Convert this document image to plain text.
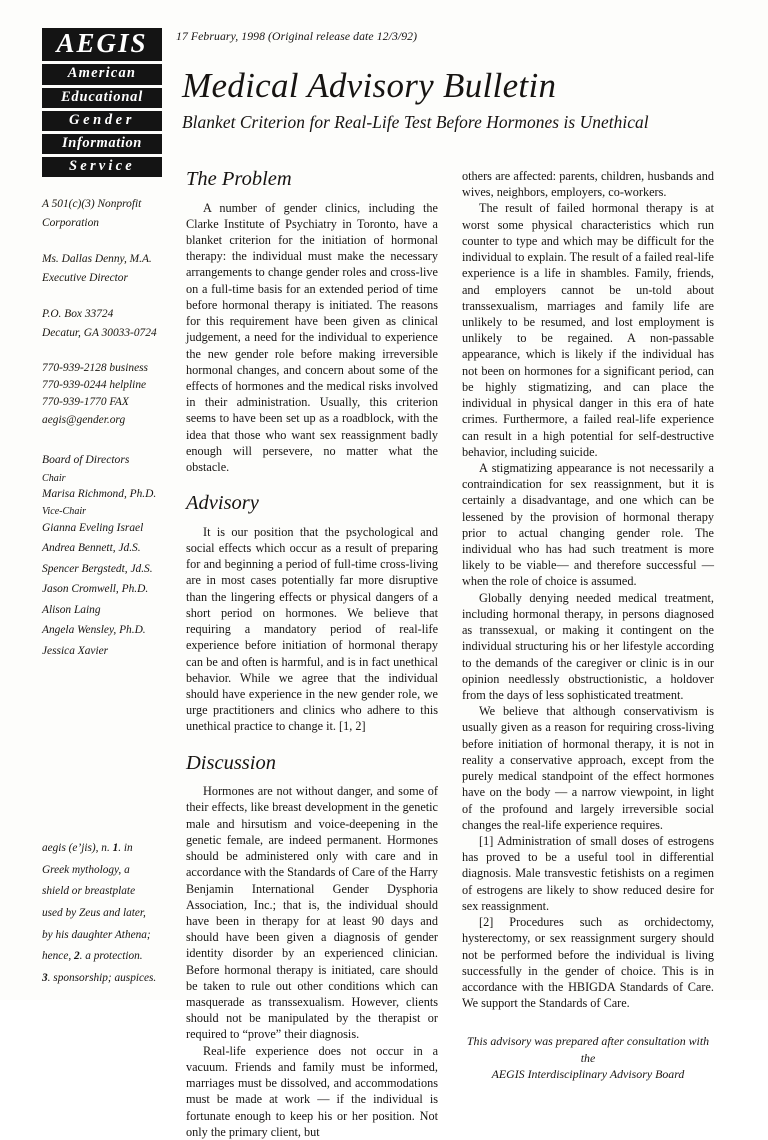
AEGIS
American
Educational
Gender
Information
Service
A 501(c)(3) Nonprofit
Corporation
Ms. Dallas Denny, M.A.
Executive Director
P.O. Box 33724
Decatur, GA 30033-0724
770-939-2128 business
770-939-0244 helpline
770-939-1770 FAX
aegis@gender.org
Board of Directors
Chair
Marisa Richmond, Ph.D.
Vice-Chair
Gianna Eveling Israel
Andrea Bennett, Jd.S.
Spencer Bergstedt, Jd.S.
Jason Cromwell, Ph.D.
Alison Laing
Angela Wensley, Ph.D.
Jessica Xavier
aegis (e’jis), n. 1. in
Greek mythology, a
shield or breastplate
used by Zeus and later,
by his daughter Athena;
hence, 2. a protection.
3. sponsorship; auspices.
17 February, 1998 (Original release date 12/3/92)
Medical Advisory Bulletin
Blanket Criterion for Real-Life Test Before Hormones is Unethical
The Problem

A number of gender clinics, including the Clarke Institute of Psychiatry in Toronto, have a blanket criterion for the initiation of hormonal therapy: the individual must make the necessary arrangements to change gender roles and cross-live on a full-time basis for an extended period of time before hormonal therapy is initiated. The reasons for this requirement have been given as clinical judgement, a need for the individual to experience the new gender role before making irreversible hormonal changes, and concern about some of the effects of hormones and the medical risks involved in their administration. Usually, this criterion seems to have been set up as a roadblock, with the idea that those who want sex reassignment badly enough will persevere, no matter what the obstacle.

Advisory

It is our position that the psychological and social effects which occur as a result of preparing for and beginning a period of full-time cross-living are in most cases potentially far more disruptive than the lingering effects or physical dangers of a short period on hormones. We believe that requiring a mandatory period of real-life experience before initiation of hormonal therapy can be and often is harmful, and is in fact unethical behavior. While we agree that the individual should have experience in the new gender role, we urge practitioners and clinics who adhere to this unethical practice to change it. [1, 2]

Discussion

Hormones are not without danger, and some of their effects, like breast development in the genetic male and hirsutism and voice-deepening in the genetic female, are indeed permanent. Hormones should be administered only with care and in accordance with the Standards of Care of the Harry Benjamin International Gender Dysphoria Association, Inc.; that is, the individual should have been in therapy for at least 90 days and should have been given a diagnosis of gender identity disorder by an experienced clinician. Before hormonal therapy is initiated, care should be taken to rule out other conditions which can masquerade as transsexualism. However, clients should not be manipulated by the therapist or required to “prove” their diagnosis.

Real-life experience does not occur in a vacuum. Friends and family must be informed, marriages must be dissolved, and accommodations must be made at work — if the individual is fortunate enough to keep his or her position. Not only the primary client, but

others are affected: parents, children, husbands and wives, neighbors, employers, co-workers.

The result of failed hormonal therapy is at worst some physical characteristics which run counter to type and which may be difficult for the individual to explain. The result of a failed real-life experience is a life in shambles. Family, friends, and employers cannot be un-told about transsexualism, marriages and family life are unlikely to be resumed, and lost employment is unlikely to be regained. A non-passable appearance, which is likely if the individual has not been on hormones for a significant period, can be highly stigmatizing, and can place the individual in physical danger in this era of hate crimes. Furthermore, a failed real-life experience can result in a high potential for self-destructive behavior, including suicide.

A stigmatizing appearance is not necessarily a contraindication for sex reassignment, but it is certainly a disadvantage, and one which can be lessened by the provision of hormonal therapy prior to actual changing gender role. The individual who has had such treatment is more likely to be viable— and therefore successful — when the role of choice is assumed.

Globally denying needed medical treatment, including hormonal therapy, in persons diagnosed as transsexual, or making it contingent on the individual structuring his or her lifestyle according to the demands of the caregiver or clinic is in our opinion needlessly obstructionistic, a holdover from the days of less sophisticated treatment.

We believe that although conservativism is usually given as a reason for requiring cross-living before initiation of hormonal therapy, it is not in reality a conservative approach, except from the purely medical standpoint of the effect hormones have on the body — a narrow viewpoint, in light of the profound and largely irreversible social changes the real-life experience requires.

[1] Administration of small doses of estrogens has proved to be a useful tool in differential diagnosis. Male transvestic fetishists on a regimen of estrogens are likely to show reduced desire for sex reassignment.

[2] Procedures such as orchidectomy, hysterectomy, or sex reassignment surgery should not be performed before the individual is living successfully in the gender of choice. This is in accordance with the HBIGDA Standards of Care. We support the Standards of Care.

This advisory was prepared after consultation with the
AEGIS Interdisciplinary Advisory Board
